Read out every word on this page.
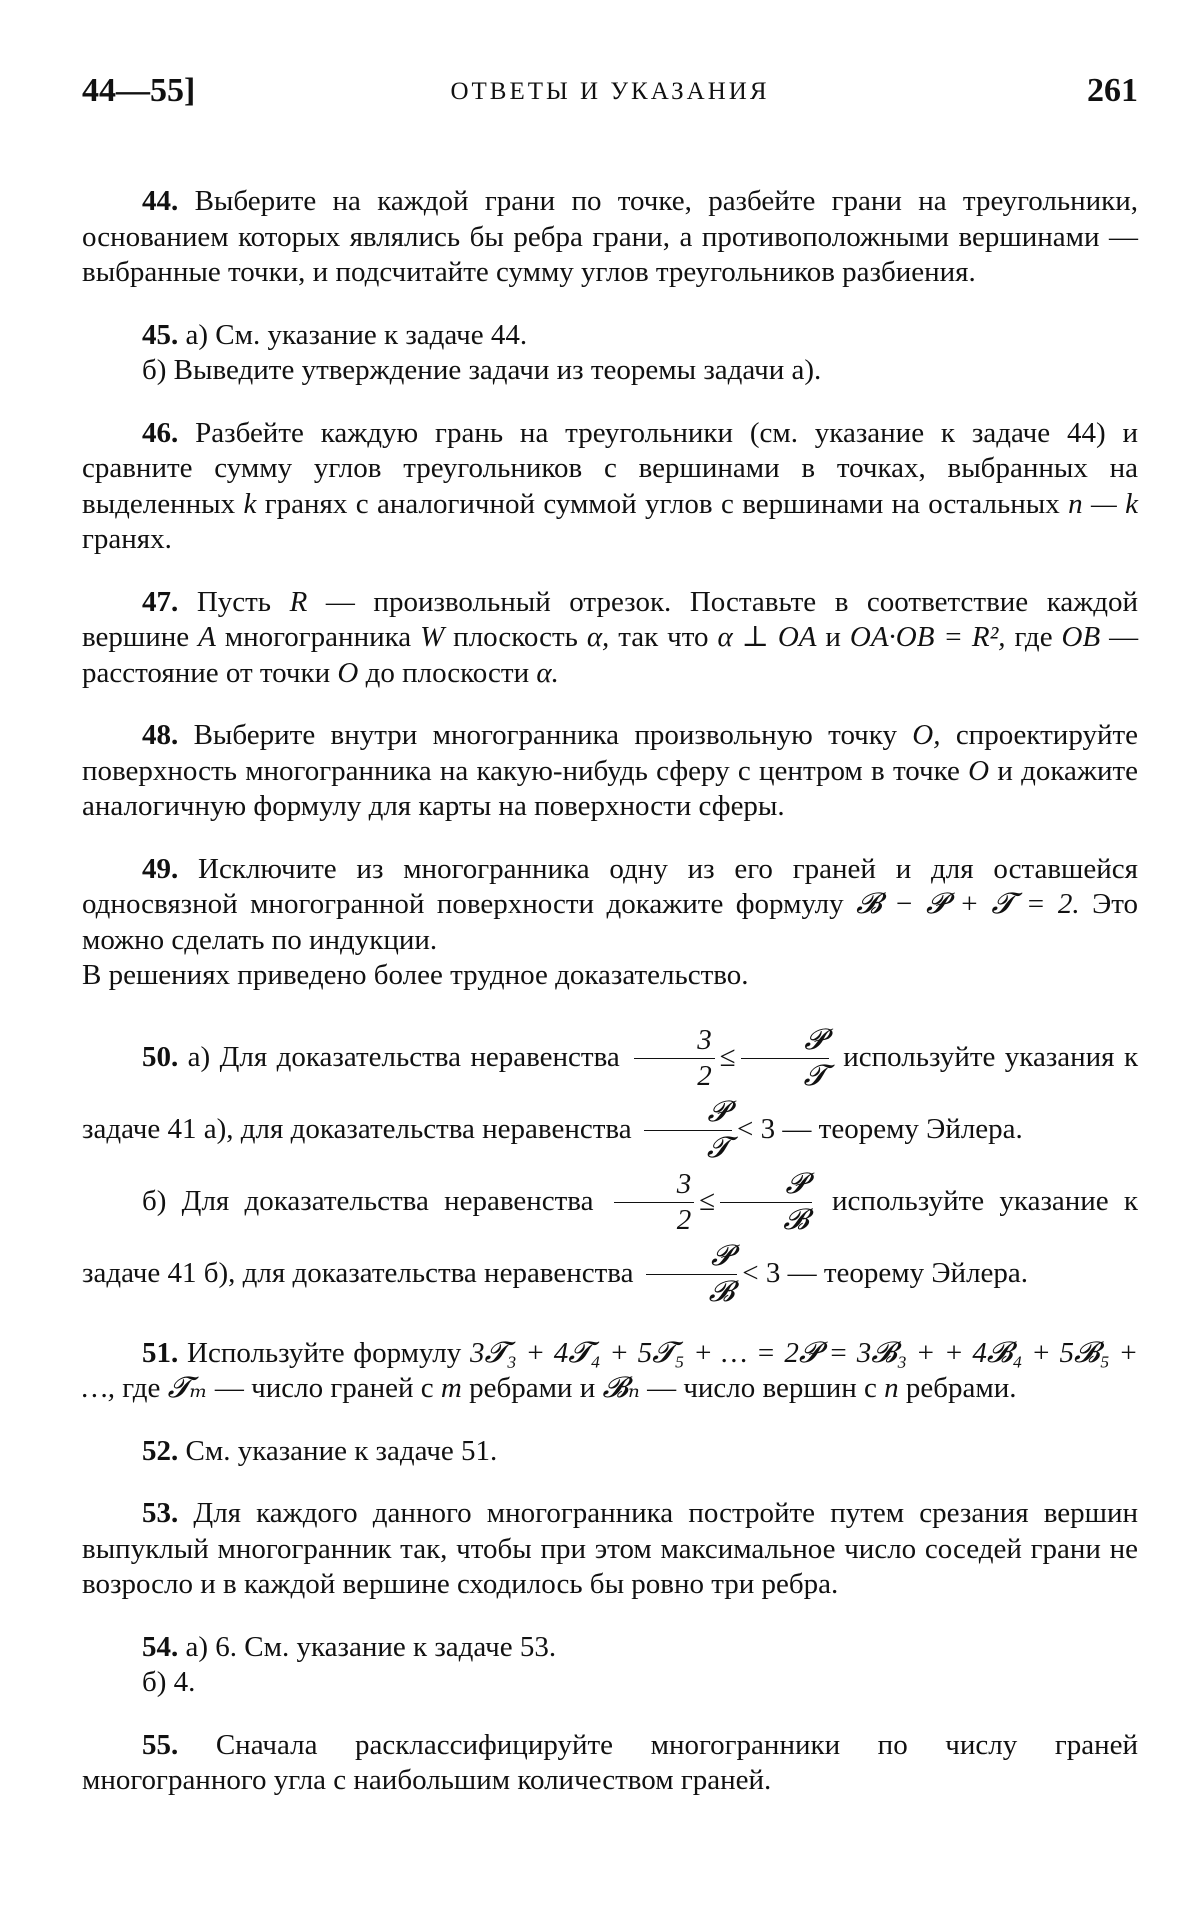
44—55]	ОТВЕТЫ И УКАЗАНИЯ	261
44. Выберите на каждой грани по точке, разбейте грани на треугольники, основанием которых являлись бы ребра грани, а противоположными вершинами — выбранные точки, и подсчитайте сумму углов треугольников разбиения.
45. а) См. указание к задаче 44.
б) Выведите утверждение задачи из теоремы задачи а).
46. Разбейте каждую грань на треугольники (см. указание к задаче 44) и сравните сумму углов треугольников с вершинами в точках, выбранных на выделенных k гранях с аналогичной суммой углов с вершинами на остальных n — k гранях.
47. Пусть R — произвольный отрезок. Поставьте в соответствие каждой вершине A многогранника W плоскость α, так что α ⊥ OA и OA·OB = R², где OB — расстояние от точки O до плоскости α.
48. Выберите внутри многогранника произвольную точку O, спроектируйте поверхность многогранника на какую-нибудь сферу с центром в точке O и докажите аналогичную формулу для карты на поверхности сферы.
49. Исключите из многогранника одну из его граней и для оставшейся односвязной многогранной поверхности докажите формулу 𝓑 − 𝓟 + 𝓣 = 2. Это можно сделать по индукции.
В решениях приведено более трудное доказательство.
50. а) Для доказательства неравенства $\frac{3}{2} \le \frac{\text{𝓟}}{\text{𝓣}}$ используйте указания к задаче 41 а), для доказательства неравенства $\frac{\text{𝓟}}{\text{𝓣}} < 3$ — теорему Эйлера.
б) Для доказательства неравенства $\frac{3}{2} \le \frac{\text{𝓟}}{\text{𝓑}}$ используйте указание к задаче 41 б), для доказательства неравенства $\frac{\text{𝓟}}{\text{𝓑}} < 3$ — теорему Эйлера.
51. Используйте формулу 3𝓣₃ + 4𝓣₄ + 5𝓣₅ + … = 2𝓟 = 3𝓑₃ + + 4𝓑₄ + 5𝓑₅ + …, где 𝓣ₘ — число граней с m ребрами и 𝓑ₙ — число вершин с n ребрами.
52. См. указание к задаче 51.
53. Для каждого данного многогранника постройте путем срезания вершин выпуклый многогранник так, чтобы при этом максимальное число соседей грани не возросло и в каждой вершине сходилось бы ровно три ребра.
54. а) 6. См. указание к задаче 53.
б) 4.
55. Сначала расклассифицируйте многогранники по числу граней многогранного угла с наибольшим количеством граней.
